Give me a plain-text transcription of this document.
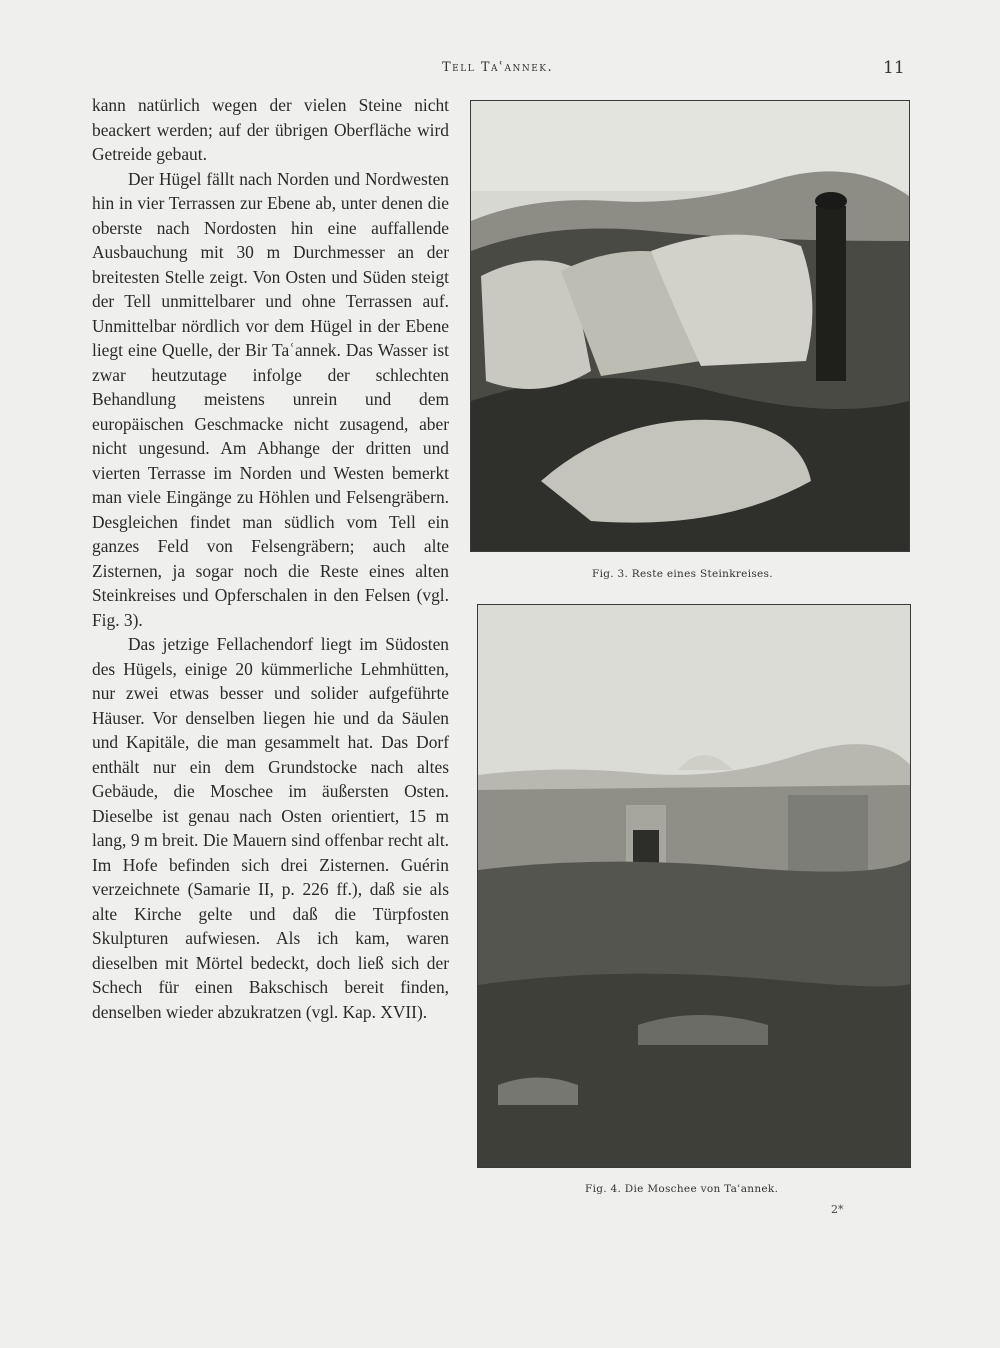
Tell Taʿannek.	11

kann natürlich wegen der vielen Steine nicht beackert werden; auf der übrigen Oberfläche wird Getreide gebaut.

Der Hügel fällt nach Norden und Nordwesten hin in vier Terrassen zur Ebene ab, unter denen die oberste nach Nordosten hin eine auffallende Ausbauchung mit 30 m Durchmesser an der breitesten Stelle zeigt. Von Osten und Süden steigt der Tell unmittelbarer und ohne Terrassen auf. Unmittelbar nördlich vor dem Hügel in der Ebene liegt eine Quelle, der Bir Taʿannek. Das Wasser ist zwar heutzutage infolge der schlechten Behandlung meistens unrein und dem europäischen Geschmacke nicht zusagend, aber nicht ungesund. Am Abhange der dritten und vierten Terrasse im Norden und Westen bemerkt man viele Eingänge zu Höhlen und Felsengräbern. Desgleichen findet man südlich vom Tell ein ganzes Feld von Felsengräbern; auch alte Zisternen, ja sogar noch die Reste eines alten Steinkreises und Opferschalen in den Felsen (vgl. Fig. 3).

Das jetzige Fellachendorf liegt im Südosten des Hügels, einige 20 kümmerliche Lehmhütten, nur zwei etwas besser und solider aufgeführte Häuser. Vor denselben liegen hie und da Säulen und Kapitäle, die man gesammelt hat. Das Dorf enthält nur ein dem Grundstocke nach altes Gebäude, die Moschee im äußersten Osten. Dieselbe ist genau nach Osten orientiert, 15 m lang, 9 m breit. Die Mauern sind offenbar recht alt. Im Hofe befinden sich drei Zisternen. Guérin verzeichnete (Samarie II, p. 226 ff.), daß sie als alte Kirche gelte und daß die Türpfosten Skulpturen aufwiesen. Als ich kam, waren dieselben mit Mörtel bedeckt, doch ließ sich der Schech für einen Bakschisch bereit finden, denselben wieder abzukratzen (vgl. Kap. XVII).

Fig. 3. Reste eines Steinkreises.
Fig. 4. Die Moschee von Taʿannek.
2*
